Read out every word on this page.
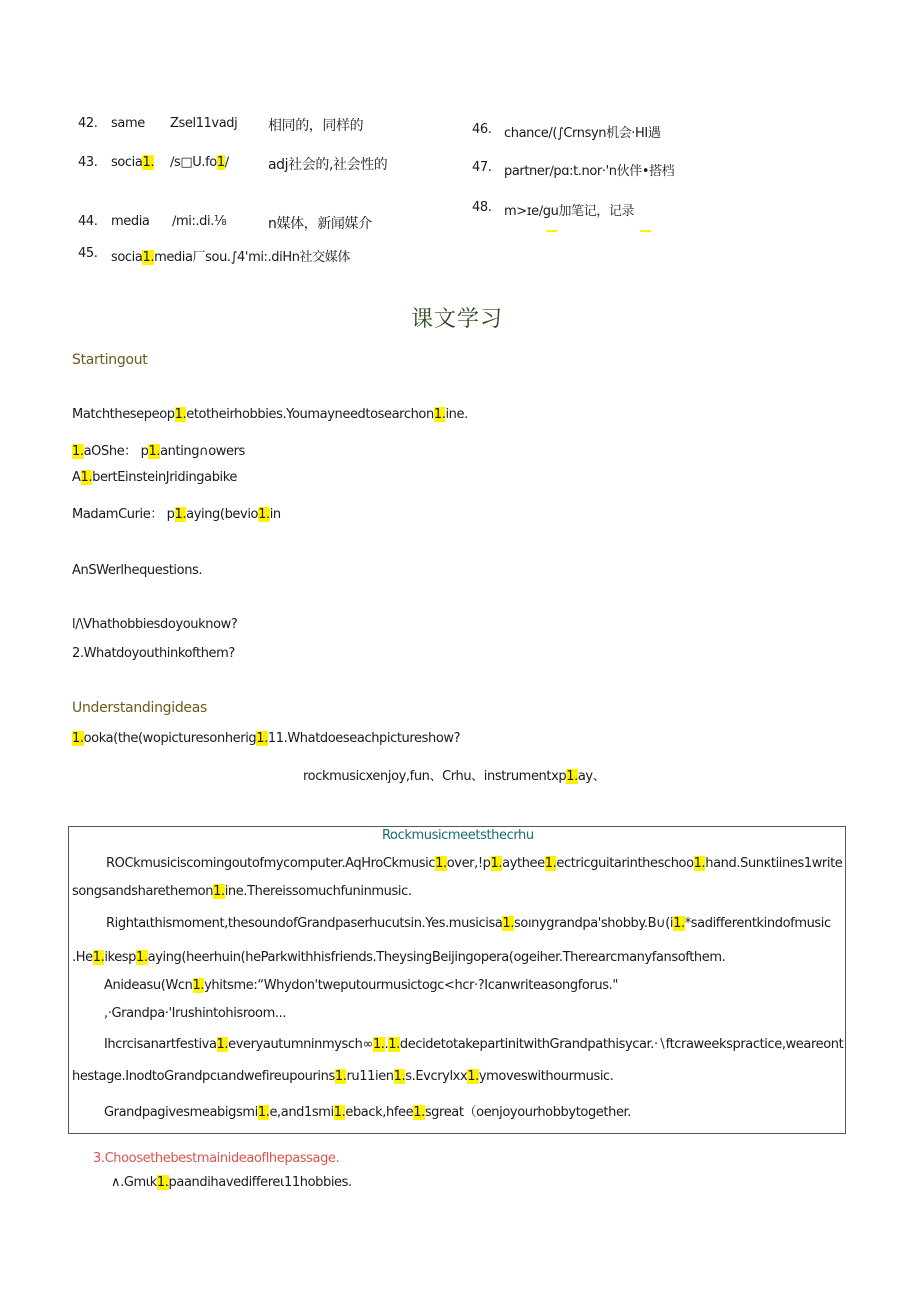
42. same Zsel11vadj 相同的，同样的
43. socia1. ∕s□U.fo1∕	adj社会的,社会性的
44. media ∕mi:.di.⅛	n媒体，新闻媒介
45. socia1.media厂sou.∫4'mi:.diHn社交媒体
46. chance/(∫Crnsyn机会·HI遇
47. partner∕pɑ:t.nor·'n伙伴•搭档
48. m>ɪe∕gu加笔记，记录
课文学习
Startingout
Matchthesepeop1.etotheirhobbies.Youmayneedtosearchon1.ine.
1.aOShe： p1.anting∩owers
A1.bertEinsteinJridingabike
MadamCurie： p1.aying(bevio1.in
AnSWerlhequestions.
l∕\Vhathobbiesdoyouknow?
2.Whatdoyouthinkofthem?
Understandingideas
1.ooka(the(wopicturesonherig1.11.Whatdoeseachpictureshow?
rockmusicxenjoy,fun、Crhu、instrumentxp1.ay、
Rockmusicmeetsthecrhu
ROCkmusiciscomingoutofmycomputer.AqHroCkmusic1.over,!p1.aythee1.ectricguitarintheschoo1.hand.Sunκtiines1write
songsandsharethemon1.ine.Thereissomuchfuninmusic.
Rightaιthismoment,thesoundofGrandpaserhucutsin.Yes.musicisa1.soınygrandpa'shobby.B∪(i1.*sadifferentkindofmusic
.He1.ikesp1.aying(heerhuin(heParkwithhisfriends.TheysingBeijingopera(ogeiher.Therearcmanyfansofthem.
Anideasu(Wcn1.yhitsme:“Whydon'tweputourmusictogc<hcr·?Icanwriteasongforus."
,·Grandpa·'Irushintohisroom...
Ihcrcisanartfestiva1.everyautumninmysch∞1..1.decidetotakepartinitwithGrandpathisycar.·∖ftcraweekspractice,weareont
hestage.InodtoGrandpcιandwefireupourins1.ru11ien1.s.Evcrylxx1.ymoveswithourmusic.
Grandpagivesmeabigsmi1.e,and1smi1.eback,hfee1.sgreat（oenjoyourhobbytogether.
3.Choosethebestmainideaoflhepassage.
∧.Gmιk1.paandihavediffereι11hobbies.
